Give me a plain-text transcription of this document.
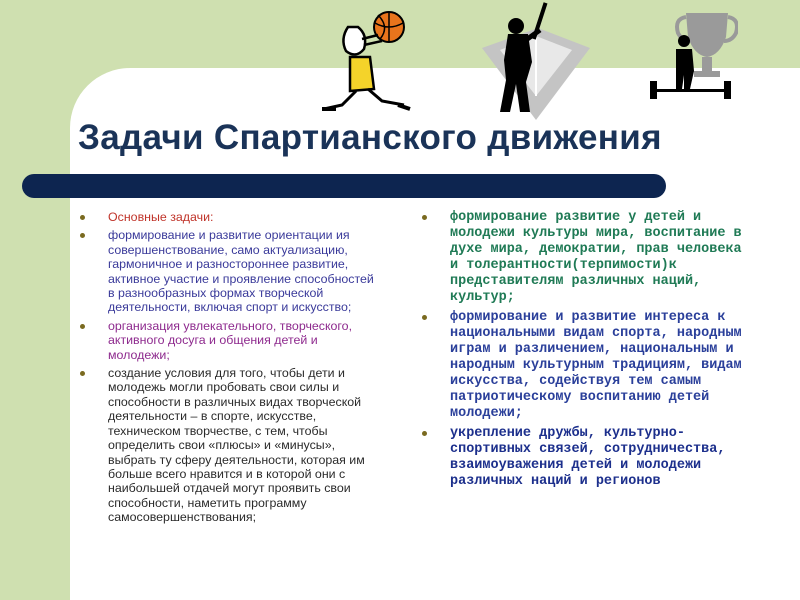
Задачи Спартианского движения
Основные задачи:
формирование и развитие ориентации ия совершенствование, само актуализацию, гармоничное и разностороннее развитие, активное участие и проявление способностей в разнообразных формах творческой деятельности, включая спорт и искусство;
организация увлекательного, творческого, активного досуга и общения детей и молодежи;
создание условия для того, чтобы дети и молодежь могли пробовать свои силы и способности в различных видах творческой деятельности – в спорте, искусстве, техническом творчестве, с тем, чтобы определить свои «плюсы» и «минусы», выбрать ту сферу деятельности, которая им больше всего нравится и в которой они с наибольшей отдачей могут проявить свои способности, наметить программу самосовершенствования;
формирование развитие у детей и молодежи культуры мира, воспитание в духе мира, демократии, прав человека и толерантности(терпимости)к представителям различных наций, культур;
формирование и развитие интереса к национальными видам спорта, народным играм и различением, национальным и народным культурным традициям, видам искусства, содействуя тем самым патриотическому воспитанию детей молодежи;
укрепление дружбы, культурно-спортивных связей, сотрудничества, взаимоуважения детей и молодежи различных наций и регионов
